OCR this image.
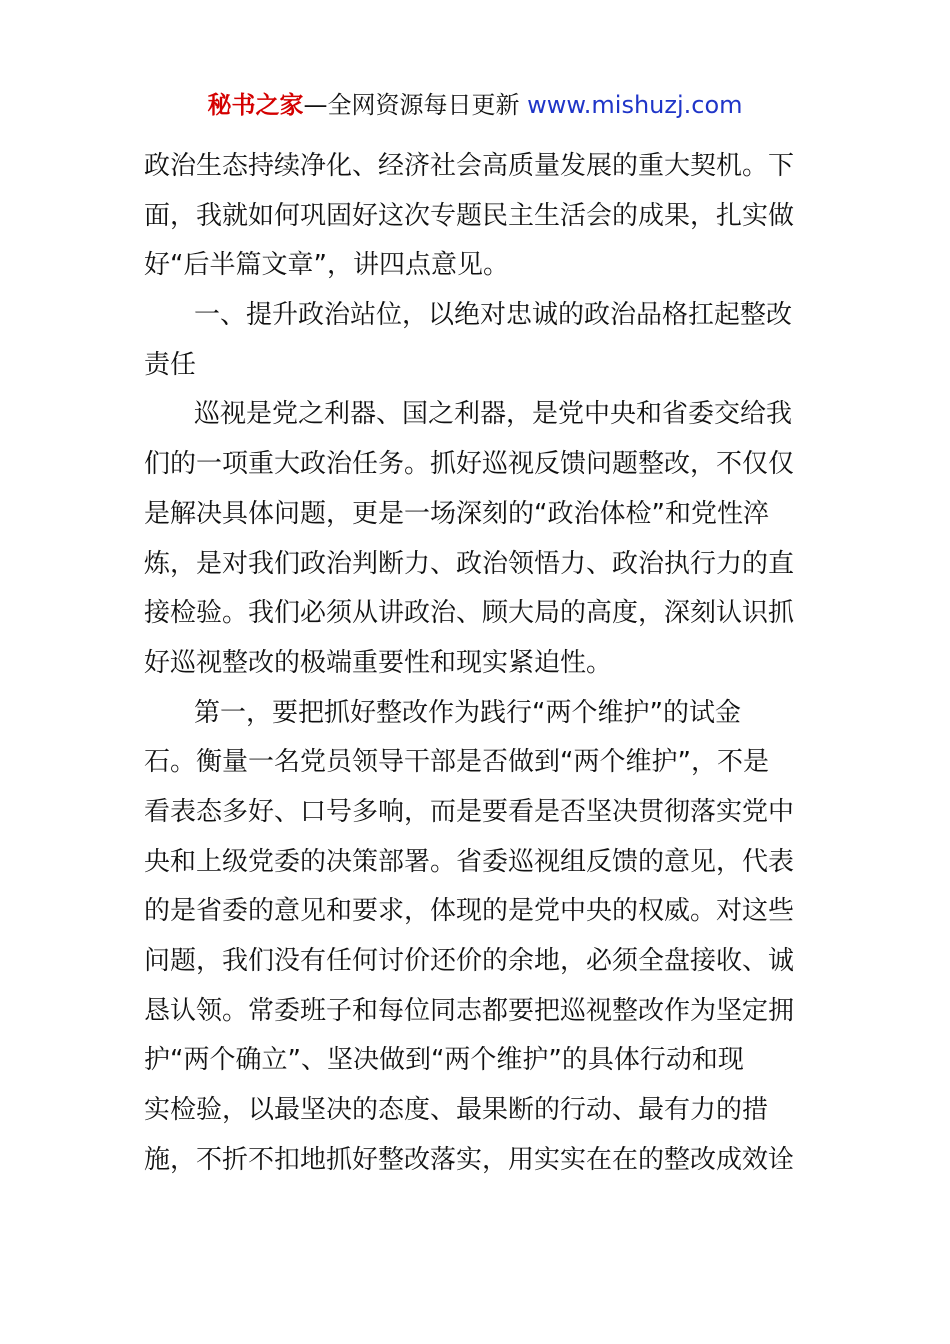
秘书之家—全网资源每日更新 www.mishuzj.com
政治生态持续净化、经济社会高质量发展的重大契机。下
面，我就如何巩固好这次专题民主生活会的成果，扎实做
好“后半篇文章”，讲四点意见。
一、提升政治站位，以绝对忠诚的政治品格扛起整改
责任
巡视是党之利器、国之利器，是党中央和省委交给我
们的一项重大政治任务。抓好巡视反馈问题整改，不仅仅
是解决具体问题，更是一场深刻的“政治体检”和党性淬
炼，是对我们政治判断力、政治领悟力、政治执行力的直
接检验。我们必须从讲政治、顾大局的高度，深刻认识抓
好巡视整改的极端重要性和现实紧迫性。
第一，要把抓好整改作为践行“两个维护”的试金
石。衡量一名党员领导干部是否做到“两个维护”，不是
看表态多好、口号多响，而是要看是否坚决贯彻落实党中
央和上级党委的决策部署。省委巡视组反馈的意见，代表
的是省委的意见和要求，体现的是党中央的权威。对这些
问题，我们没有任何讨价还价的余地，必须全盘接收、诚
恳认领。常委班子和每位同志都要把巡视整改作为坚定拥
护“两个确立”、坚决做到“两个维护”的具体行动和现
实检验，以最坚决的态度、最果断的行动、最有力的措
施，不折不扣地抓好整改落实，用实实在在的整改成效诠
